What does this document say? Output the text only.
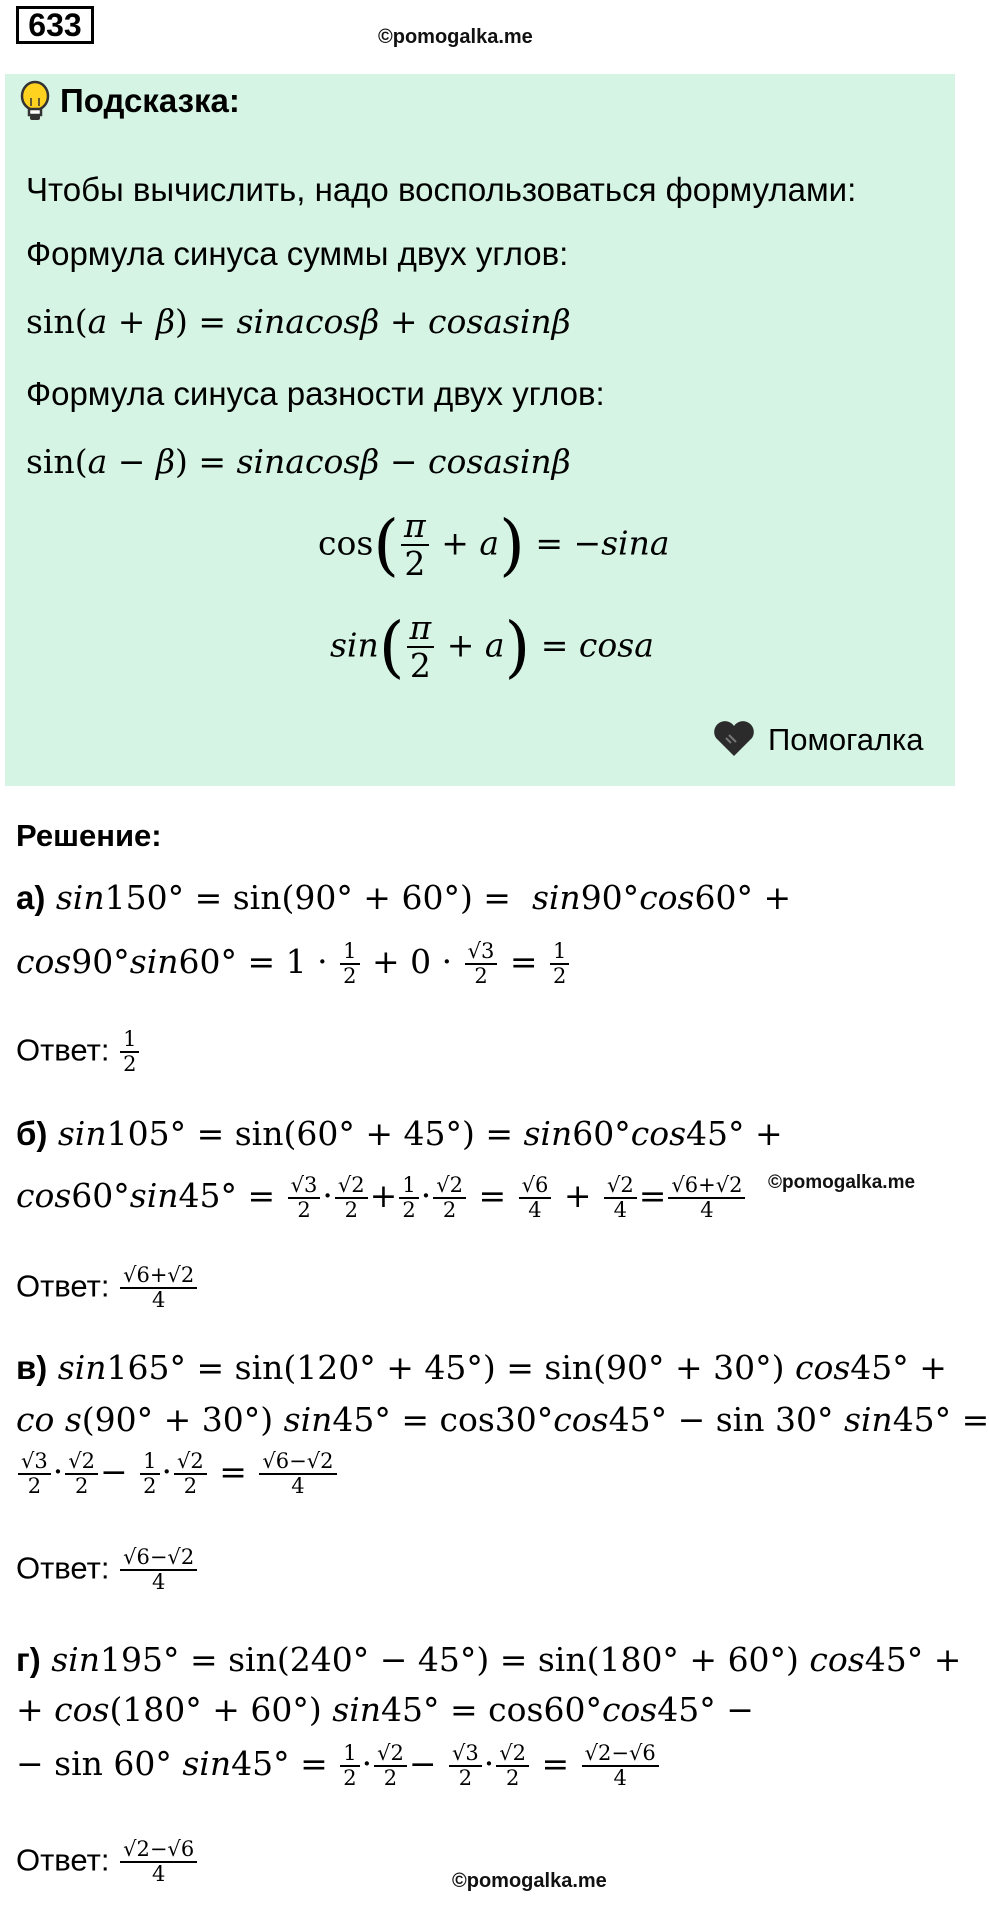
633	©pomogalka.me
Подсказка:
Чтобы вычислить, надо воспользоваться формулами:
Формула синуса суммы двух углов:
sin(a + β) = sinacosβ + cosasinβ
Формула синуса разности двух углов:
sin(a − β) = sinacosβ − cosasinβ
$\cos( \frac{\pi}{2} + a) = -\sin a$
$\sin( \frac{\pi}{2} + a) = \cos a$
Помогалка
Решение:
а) sin150° = sin(90° + 60°) =  sin90°cos60° +
$\cos 90^\circ\sin 60^\circ = 1 \cdot \frac{1}{2} + 0 \cdot \frac{√3}{2} = \frac{1}{2}$
Ответ: $\frac{1}{2}$
б) sin105° = sin(60° + 45°) = sin60°cos45° +
$\cos 60^\circ\sin 45^\circ = \frac{√3}{2} \cdot \frac{√2}{2} + \frac{1}{2} \cdot \frac{√2}{2} = \frac{√6}{4} + \frac{√2}{4} = \frac{√6+√2}{4}$ ©pomogalka.me
Ответ: $\frac{√6+√2}{4}$
в) sin165° = sin(120° + 45°) = sin(90° + 30°) cos45° +
co s(90° + 30°) sin45° = cos30°cos45° − sin 30° sin45° =
$\frac{√3}{2} \cdot \frac{√2}{2} - \frac{1}{2} \cdot \frac{√2}{2} = \frac{√6-√2}{4}$
Ответ: $\frac{√6-√2}{4}$
г) sin195° = sin(240° − 45°) = sin(180° + 60°) cos45° +
+ cos(180° + 60°) sin45° = cos60°cos45° −
− sin 60° $\sin 45^\circ = \frac{1}{2} \cdot \frac{√2}{2} - \frac{√3}{2} \cdot \frac{√2}{2} = \frac{√2-√6}{4}$
Ответ: $\frac{√2-√6}{4}$	©pomogalka.me
